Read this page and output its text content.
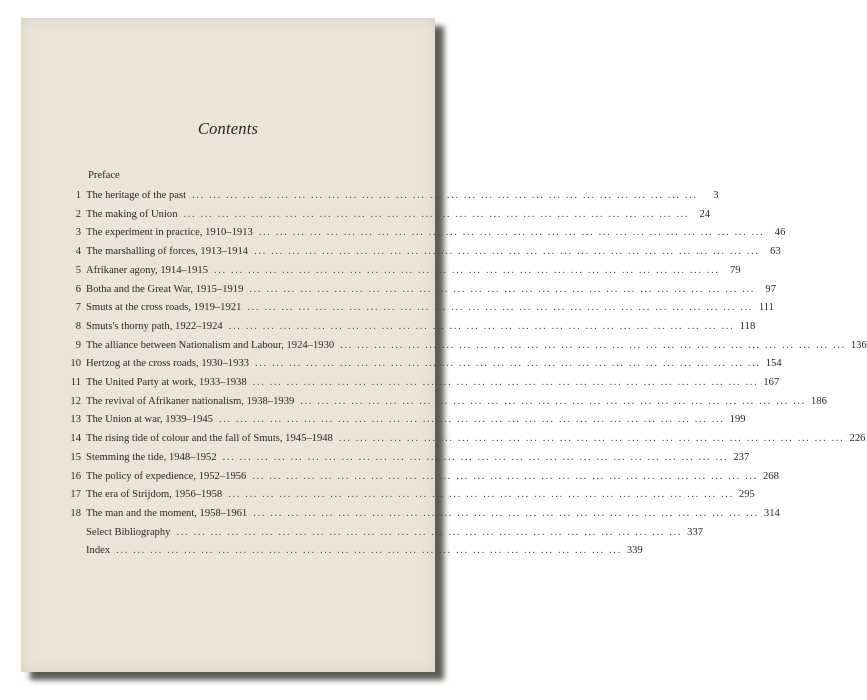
Contents
Preface
1 The heritage of the past ... ... ... ... ... ... ... ... ... ... ... ... ... ... ... ... ... ... ... ... ... ... ... ... ... ... ... ... ... ...	3
2 The making of Union ... ... ... ... ... ... ... ... ... ... ... ... ... ... ... ... ... ... ... ... ... ... ... ... ... ... ... ... ... ... 24
3 The experiment in practice, 1910–1913 ... ... ... ... ... ... ... ... ... ... ... ... ... ... ... ... ... ... ... ... ... ... ... ... ... ... ... ... ... ... 46
4 The marshalling of forces, 1913–1914 ... ... ... ... ... ... ... ... ... ... ... ... ... ... ... ... ... ... ... ... ... ... ... ... ... ... ... ... ... ... 63
5 Afrikaner agony, 1914–1915 ... ... ... ... ... ... ... ... ... ... ... ... ... ... ... ... ... ... ... ... ... ... ... ... ... ... ... ... ... ... 79
6 Botha and the Great War, 1915–1919 ... ... ... ... ... ... ... ... ... ... ... ... ... ... ... ... ... ... ... ... ... ... ... ... ... ... ... ... ... ... 97
7 Smuts at the cross roads, 1919–1921 ... ... ... ... ... ... ... ... ... ... ... ... ... ... ... ... ... ... ... ... ... ... ... ... ... ... ... ... ... ... 111
8 Smuts's thorny path, 1922–1924 ... ... ... ... ... ... ... ... ... ... ... ... ... ... ... ... ... ... ... ... ... ... ... ... ... ... ... ... ... ... 118
9 The alliance between Nationalism and Labour, 1924–1930 ... ... ... ... ... ... ... ... ... ... ... ... ... ... ... ... ... ... ... ... ... ... ... ... ... ... ... ... ... ... 136
10 Hertzog at the cross roads, 1930–1933 ... ... ... ... ... ... ... ... ... ... ... ... ... ... ... ... ... ... ... ... ... ... ... ... ... ... ... ... ... ... 154
11 The United Party at work, 1933–1938 ... ... ... ... ... ... ... ... ... ... ... ... ... ... ... ... ... ... ... ... ... ... ... ... ... ... ... ... ... ... 167
12 The revival of Afrikaner nationalism, 1938–1939 ... ... ... ... ... ... ... ... ... ... ... ... ... ... ... ... ... ... ... ... ... ... ... ... ... ... ... ... ... ... 186
13 The Union at war, 1939–1945 ... ... ... ... ... ... ... ... ... ... ... ... ... ... ... ... ... ... ... ... ... ... ... ... ... ... ... ... ... ... 199
14 The rising tide of colour and the fall of Smuts, 1945–1948 ... ... ... ... ... ... ... ... ... ... ... ... ... ... ... ... ... ... ... ... ... ... ... ... ... ... ... ... ... ... 226
15 Stemming the tide, 1948–1952 ... ... ... ... ... ... ... ... ... ... ... ... ... ... ... ... ... ... ... ... ... ... ... ... ... ... ... ... ... ... 237
16 The policy of expedience, 1952–1956 ... ... ... ... ... ... ... ... ... ... ... ... ... ... ... ... ... ... ... ... ... ... ... ... ... ... ... ... ... ... 268
17 The era of Strijdom, 1956–1958 ... ... ... ... ... ... ... ... ... ... ... ... ... ... ... ... ... ... ... ... ... ... ... ... ... ... ... ... ... ... 295
18 The man and the moment, 1958–1961 ... ... ... ... ... ... ... ... ... ... ... ... ... ... ... ... ... ... ... ... ... ... ... ... ... ... ... ... ... ... 314
Select Bibliography ... ... ... ... ... ... ... ... ... ... ... ... ... ... ... ... ... ... ... ... ... ... ... ... ... ... ... ... ... ... 337
Index ... ... ... ... ... ... ... ... ... ... ... ... ... ... ... ... ... ... ... ... ... ... ... ... ... ... ... ... ... ... 339
